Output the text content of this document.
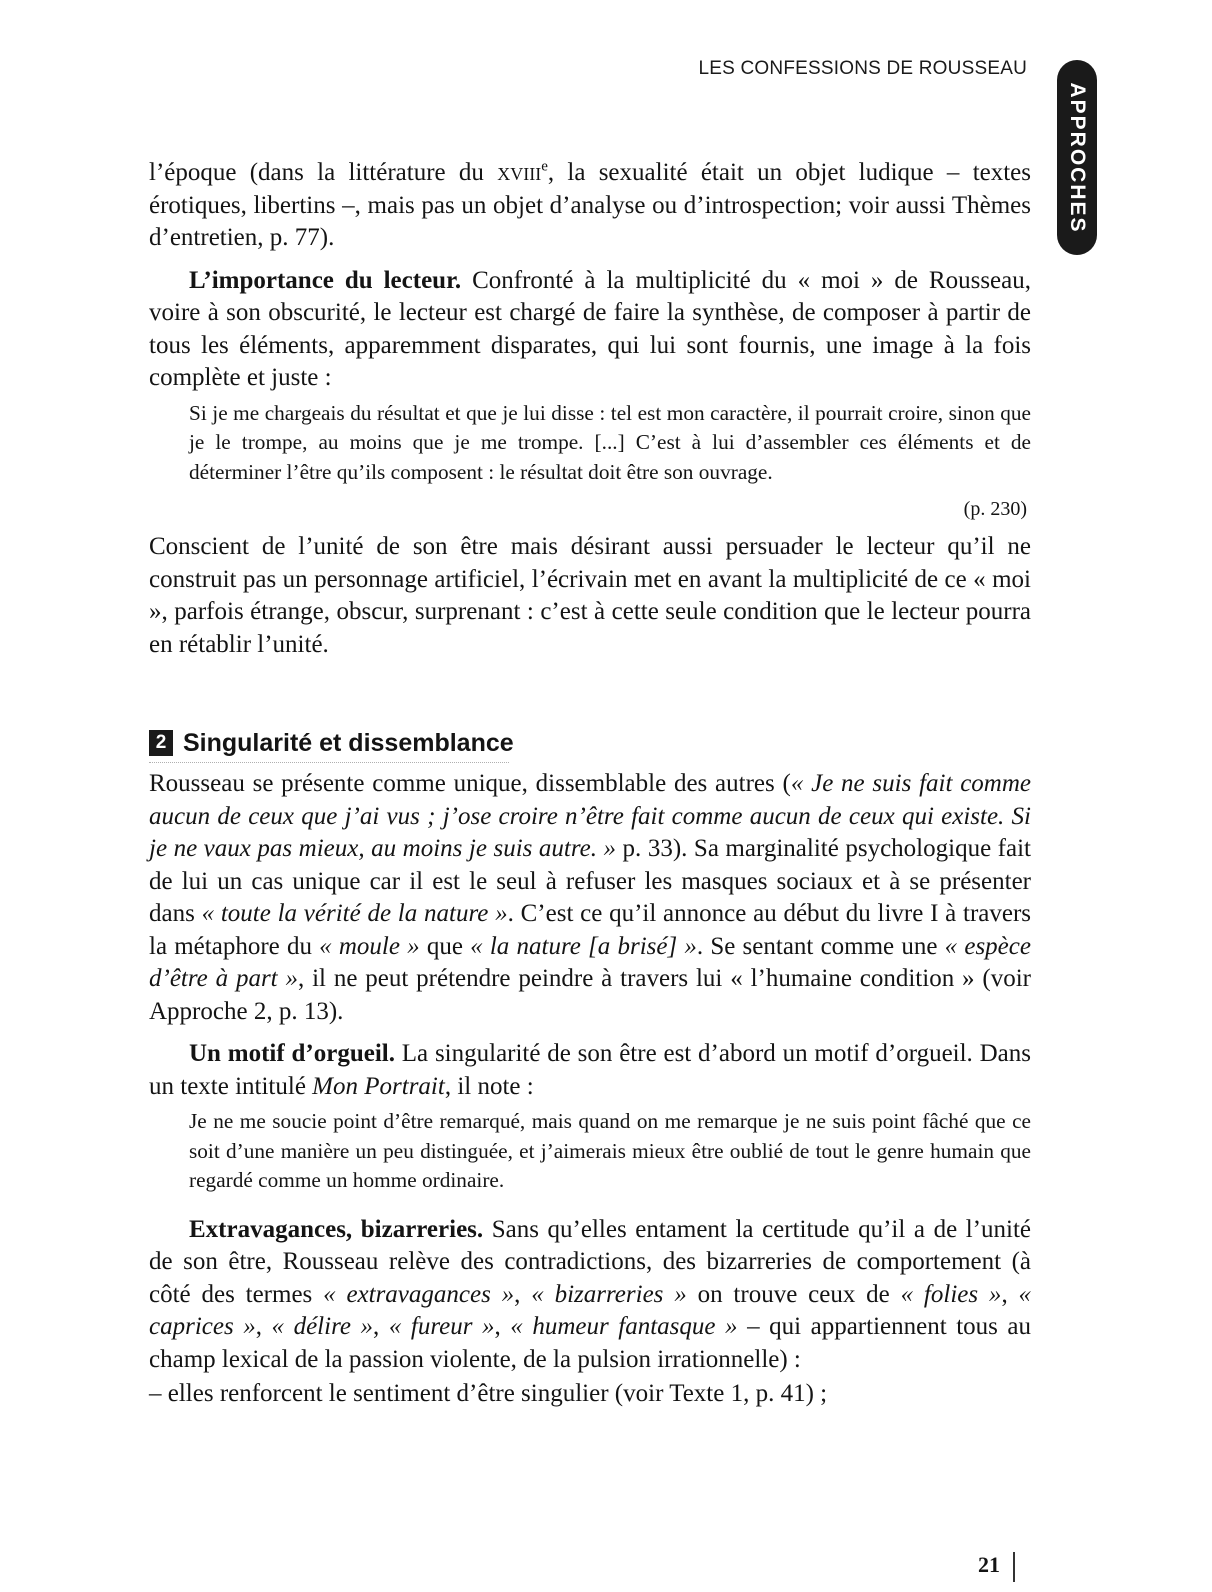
LES CONFESSIONS DE ROUSSEAU
APPROCHES

l’époque (dans la littérature du xviii$^e$, la sexualité était un objet ludique – textes érotiques, libertins –, mais pas un objet d’analyse ou d’introspection; voir aussi Thèmes d’entretien, p. 77).

L’importance du lecteur. Confronté à la multiplicité du « moi » de Rousseau, voire à son obscurité, le lecteur est chargé de faire la synthèse, de composer à partir de tous les éléments, apparemment disparates, qui lui sont fournis, une image à la fois complète et juste :

Si je me chargeais du résultat et que je lui disse : tel est mon caractère, il pourrait croire, sinon que je le trompe, au moins que je me trompe. [...] C’est à lui d’assembler ces éléments et de déterminer l’être qu’ils composent : le résultat doit être son ouvrage.

(p. 230)

Conscient de l’unité de son être mais désirant aussi persuader le lecteur qu’il ne construit pas un personnage artificiel, l’écrivain met en avant la multiplicité de ce « moi », parfois étrange, obscur, surprenant : c’est à cette seule condition que le lecteur pourra en rétablir l’unité.

2 Singularité et dissemblance

Rousseau se présente comme unique, dissemblable des autres (« Je ne suis fait comme aucun de ceux que j’ai vus ; j’ose croire n’être fait comme aucun de ceux qui existe. Si je ne vaux pas mieux, au moins je suis autre. » p. 33). Sa marginalité psychologique fait de lui un cas unique car il est le seul à refuser les masques sociaux et à se présenter dans « toute la vérité de la nature ». C’est ce qu’il annonce au début du livre I à travers la métaphore du « moule » que « la nature [a brisé] ». Se sentant comme une « espèce d’être à part », il ne peut prétendre peindre à travers lui « l’humaine condition » (voir Approche 2, p. 13).

Un motif d’orgueil. La singularité de son être est d’abord un motif d’orgueil. Dans un texte intitulé Mon Portrait, il note :

Je ne me soucie point d’être remarqué, mais quand on me remarque je ne suis point fâché que ce soit d’une manière un peu distinguée, et j’aimerais mieux être oublié de tout le genre humain que regardé comme un homme ordinaire.

Extravagances, bizarreries. Sans qu’elles entament la certitude qu’il a de l’unité de son être, Rousseau relève des contradictions, des bizarreries de comportement (à côté des termes « extravagances », « bizarreries » on trouve ceux de « folies », « caprices », « délire », « fureur », « humeur fantasque » – qui appartiennent tous au champ lexical de la passion violente, de la pulsion irrationnelle) :

– elles renforcent le sentiment d’être singulier (voir Texte 1, p. 41) ;

21
